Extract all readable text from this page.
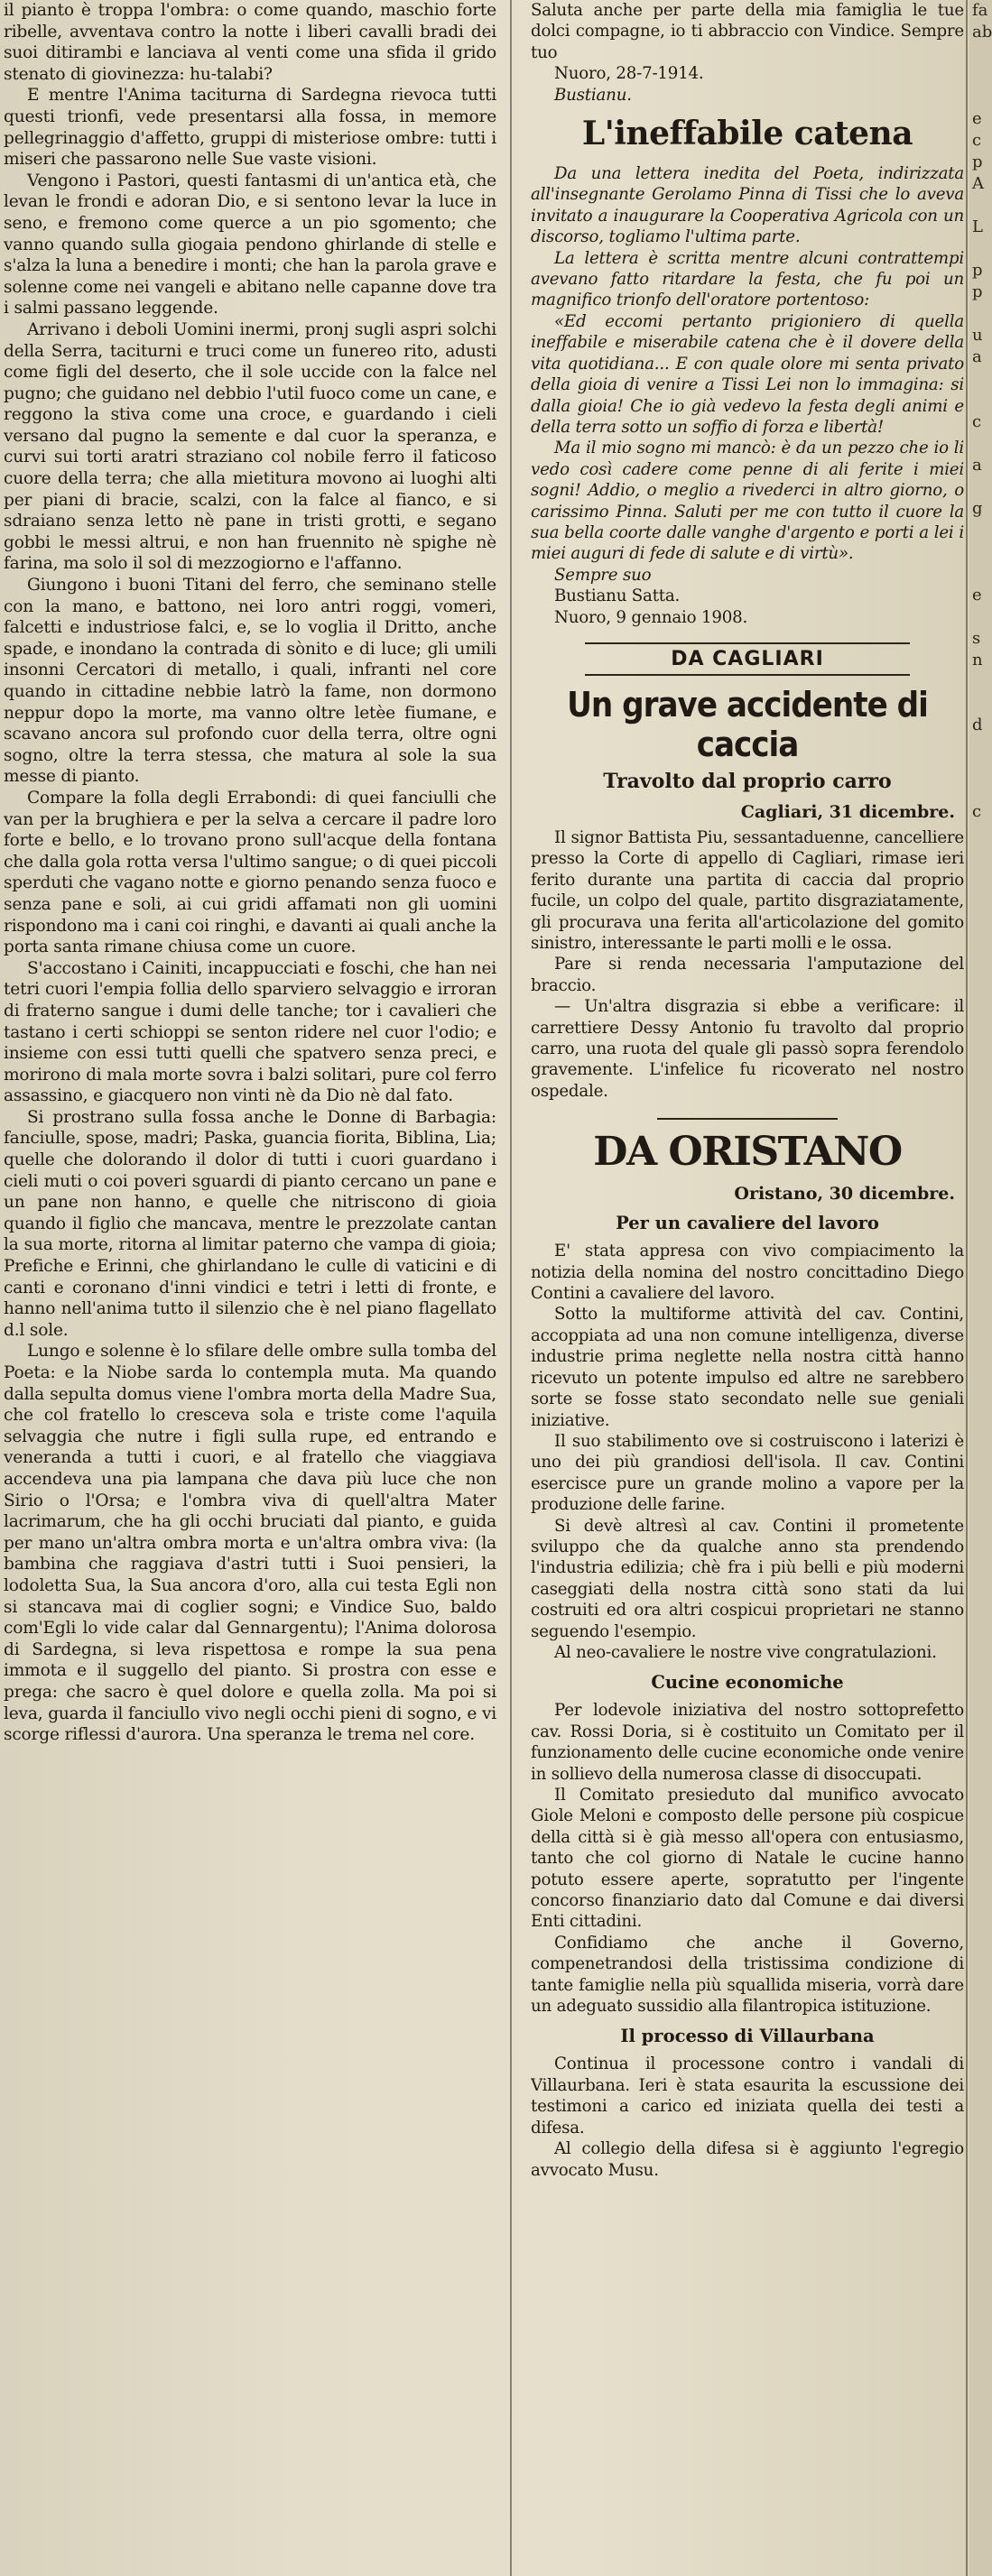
il pianto è troppa l'ombra: o come quando, maschio forte ribelle, avventava contro la notte i liberi cavalli bradi dei suoi ditirambi e lanciava al venti come una sfida il grido stenato di giovinezza: hu-talabi?

E mentre l'Anima taciturna di Sardegna rievoca tutti questi trionfi, vede presentarsi alla fossa, in memore pellegrinaggio d'affetto, gruppi di misteriose ombre: tutti i miseri che passarono nelle Sue vaste visioni.

Vengono i Pastori, questi fantasmi di un'antica età, che levan le frondi e adoran Dio, e si sentono levar la luce in seno, e fremono come querce a un pio sgomento; che vanno quando sulla giogaia pendono ghirlande di stelle e s'alza la luna a benedire i monti; che han la parola grave e solenne come nei vangeli e abitano nelle capanne dove tra i salmi passano leggende.

Arrivano i deboli Uomini inermi, pronj sugli aspri solchi della Serra, taciturni e truci come un funereo rito, adusti come figli del deserto, che il sole uccide con la falce nel pugno; che guidano nel debbio l'util fuoco come un cane, e reggono la stiva come una croce, e guardando i cieli versano dal pugno la semente e dal cuor la speranza, e curvi sui torti aratri strazianο col nobile ferro il faticoso cuore della terra; che alla mietitura movono ai luoghi alti per piani di bracie, scalzi, con la falce al fianco, e si sdraiano senza letto nè pane in tristi grotti, e segano gobbi le messi altrui, e non han fruennito nè spighe nè farina, ma solo il sol di mezzogiorno e l'affanno.

Giungono i buoni Titani del ferro, che seminano stelle con la mano, e battono, nei loro antri roggi, vomeri, falcetti e industriose falci, e, se lo voglia il Dritto, anche spade, e inondano la contrada di sònito e di luce; gli umili insonni Cercatori di metallo, i quali, infranti nel core quando in cittadine nebbie latrò la fame, non dormono neppur dopo la morte, ma vanno oltre letèe fiumane, e scavano ancora sul profondo cuor della terra, oltre ogni sogno, oltre la terra stessa, che matura al sole la sua messe di pianto.

Compare la folla degli Errabondi: di quei fanciulli che van per la brughiera e per la selva a cercare il padre loro forte e bello, e lo trovano prono sull'acque della fontana che dalla gola rotta versa l'ultimo sangue; o di quei piccoli sperduti che vagano notte e giorno penando senza fuoco e senza pane e soli, ai cui gridi affamati non gli uomini rispondono ma i cani coi ringhi, e davanti ai quali anche la porta santa rimane chiusa come un cuore.

S'accostano i Cainiti, incappucciati e foschi, che han nei tetri cuori l'empia follia dello sparviero selvaggio e irroran di fraterno sangue i dumi delle tanche; tor i cavalieri che tastano i certi schioppi se senton ridere nel cuor l'odio; e insieme con essi tutti quelli che spatvero senza preci, e morirono di mala morte sovra i balzi solitari, pure col ferro assassino, e giacquero non vinti nè da Dio nè dal fato.

Si prostrano sulla fossa anche le Donne di Barbagia: fanciulle, spose, madri; Paska, guancia fiorita, Biblina, Lia; quelle che dolorando il dolor di tutti i cuori guardano i cieli muti o coi poveri sguardi di pianto cercano un pane e un pane non hanno, e quelle che nitriscono di gioia quando il figlio che mancava, mentre le prezzolate cantan la sua morte, ritorna al limitar paterno che vampa di gioia; Prefiche e Erinni, che ghirlandano le culle di vaticini e di canti e coronano d'inni vindici e tetri i letti di fronte, e hanno nell'anima tutto il silenzio che è nel piano flagellato d.l sole.

Lungo e solenne è lo sfilare delle ombre sulla tomba del Poeta: e la Niobe sarda lo contempla muta. Ma quando dalla sepulta domus viene l'ombra morta della Madre Sua, che col fratello lo cresceva sola e triste come l'aquila selvaggia che nutre i figli sulla rupe, ed entrando e veneranda a tutti i cuori, e al fratello che viaggiava accendeva una pia lampana che dava più luce che non Sirio o l'Orsa; e l'ombra viva di quell'altra Mater lacrimarum, che ha gli occhi bruciati dal pianto, e guida per mano un'altra ombra morta e un'altra ombra viva: (la bambina che raggiava d'astri tutti i Suoi pensieri, la lodoletta Sua, la Sua ancora d'oro, alla cui testa Egli non si stancava mai di coglier sogni; e Vindice Suo, baldo com'Egli lo vide calar dal Gennargentu); l'Anima dolorosa di Sardegna, si leva rispettosa e rompe la sua pena immota e il suggello del pianto. Si prostra con esse e prega: che sacro è quel dolore e quella zolla. Ma poi si leva, guarda il fanciullo vivo negli occhi pieni di sogno, e vi scorge riflessi d'aurora. Una speranza le trema nel core.

Saluta anche per parte della mia famiglia le tue dolci compagne, io ti abbraccio con Vindice. Sempre tuo

Nuoro, 28-7-1914.

Bustianu.

L'ineffabile catena

Da una lettera inedita del Poeta, indirizzata all'insegnante Gerolamo Pinna di Tissi che lo aveva invitato a inaugurare la Cooperativa Agricola con un discorso, togliamo l'ultima parte.

La lettera è scritta mentre alcuni contrattempi avevano fatto ritardare la festa, che fu poi un magnifico trionfo dell'oratore portentoso:

«Ed eccomi pertanto prigioniero di quella ineffabile e miserabile catena che è il dovere della vita quotidiana... E con quale olore mi senta privato della gioia di venire a Tissi Lei non lo immagina: si dalla gioia! Che io già vedevo la festa degli animi e della terra sotto un soffio di forza e libertà!

Ma il mio sogno mi mancò: è da un pezzo che io li vedo così cadere come penne di ali ferite i miei sogni! Addio, o meglio a rivederci in altro giorno, o carissimo Pinna. Saluti per me con tutto il cuore la sua bella coorte dalle vanghe d'argento e porti a lei i miei auguri di fede di salute e di virtù».

Sempre suo

Bustianu Satta.

Nuoro, 9 gennaio 1908.

DA CAGLIARI
Un grave accidente di caccia
Travolto dal proprio carro
Cagliari, 31 dicembre.

Il signor Battista Piu, sessantaduenne, cancelliere presso la Corte di appello di Cagliari, rimase ieri ferito durante una partita di caccia dal proprio fucile, un colpo del quale, partito disgraziatamente, gli procurava una ferita all'articolazione del gomito sinistro, interessante le parti molli e le ossa.

Pare si renda necessaria l'amputazione del braccio.

— Un'altra disgrazia si ebbe a verificare: il carrettiere Dessy Antonio fu travolto dal proprio carro, una ruota del quale gli passò sopra ferendolo gravemente. L'infelice fu ricoverato nel nostro ospedale.

DA ORISTANO
Oristano, 30 dicembre.
Per un cavaliere del lavoro

E' stata appresa con vivo compiacimento la notizia della nomina del nostro concittadino Diego Contini a cavaliere del lavoro.

Sotto la multiforme attività del cav. Contini, accoppiata ad una non comune intelligenza, diverse industrie prima neglette nella nostra città hanno ricevuto un potente impulso ed altre ne sarebbero sorte se fosse stato secondato nelle sue geniali iniziative.

Il suo stabilimento ove si costruiscono i laterizi è uno dei più grandiosi dell'isola. Il cav. Contini esercisce pure un grande molino a vapore per la produzione delle farine.

Si devè altresì al cav. Contini il prometente sviluppo che da qualche anno sta prendendo l'industria edilizia; chè fra i più belli e più moderni caseggiati della nostra città sono stati da lui costruiti ed ora altri cospicui proprietari ne stanno seguendo l'esempio.

Al neo-cavaliere le nostre vive congratulazioni.

Cucine economiche

Per lodevole iniziativa del nostro sottoprefetto cav. Rossi Doria, si è costituito un Comitato per il funzionamento delle cucine economiche onde venire in sollievo della numerosa classe di disoccupati.

Il Comitato presieduto dal munifico avvocato Giole Meloni e composto delle persone più cospicue della città si è già messo all'opera con entusiasmo, tanto che col giorno di Natale le cucine hanno potuto essere aperte, sopratutto per l'ingente concorso finanziario dato dal Comune e dai diversi Enti cittadini.

Confidiamo che anche il Governo, compenetrandosi della tristissima condizione di tante famiglie nella più squallida miseria, vorrà dare un adeguato sussidio alla filantropica istituzione.

Il processo di Villaurbana

Continua il processone contro i vandali di Villaurbana. Ieri è stata esaurita la escussione dei testimoni a carico ed iniziata quella dei testi a difesa.

Al collegio della difesa si è aggiunto l'egregio avvocato Musu.

fa
ab

e
c
p
A

L

p
p

u
a

c

a

g

e

s
n

d

c
